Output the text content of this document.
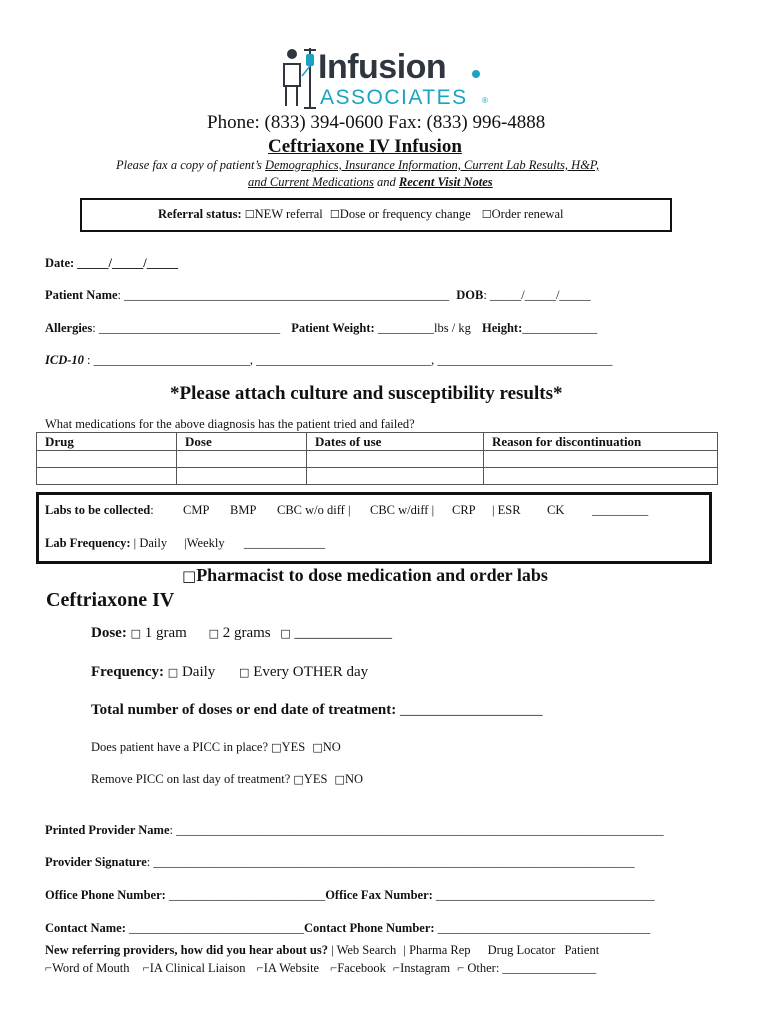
Infusion
ASSOCIATES ®
Phone: (833) 394-0600 Fax: (833) 996-4888
Ceftriaxone IV Infusion
Please fax a copy of patient’s Demographics, Insurance Information, Current Lab Results, H&P,
and Current Medications and Recent Visit Notes
Referral status: ☐NEW referral ☐Dose or frequency change ☐Order renewal
Date: _____/_____/_____
Patient Name: ____________________________________________________ DOB: _____/_____/_____
Allergies: _____________________________ Patient Weight: _________lbs / kg Height:____________
ICD-10 : _________________________, ____________________________, ____________________________
*Please attach culture and susceptibility results*
What medications for the above diagnosis has the patient tried and failed?
Drug	Dose	Dates of use	Reason for discontinuation

Labs to be collected: CMP BMP CBC w/o diff | CBC w/diff | CRP | ESR CK _________
Lab Frequency: | Daily |Weekly _____________
□Pharmacist to dose medication and order labs
Ceftriaxone IV
Dose: □ 1 gram □ 2 grams □ _____________
Frequency: □ Daily □ Every OTHER day
Total number of doses or end date of treatment: ___________________
Does patient have a PICC in place? □YES □NO
Remove PICC on last day of treatment? □YES □NO
Printed Provider Name: ______________________________________________________________________________
Provider Signature: _____________________________________________________________________________
Office Phone Number: _________________________Office Fax Number: ___________________________________
Contact Name: ____________________________Contact Phone Number: __________________________________
New referring providers, how did you hear about us? | Web Search | Pharma Rep Drug Locator Patient
⌐Word of Mouth ⌐IA Clinical Liaison ⌐IA Website ⌐Facebook ⌐Instagram ⌐ Other: _______________
